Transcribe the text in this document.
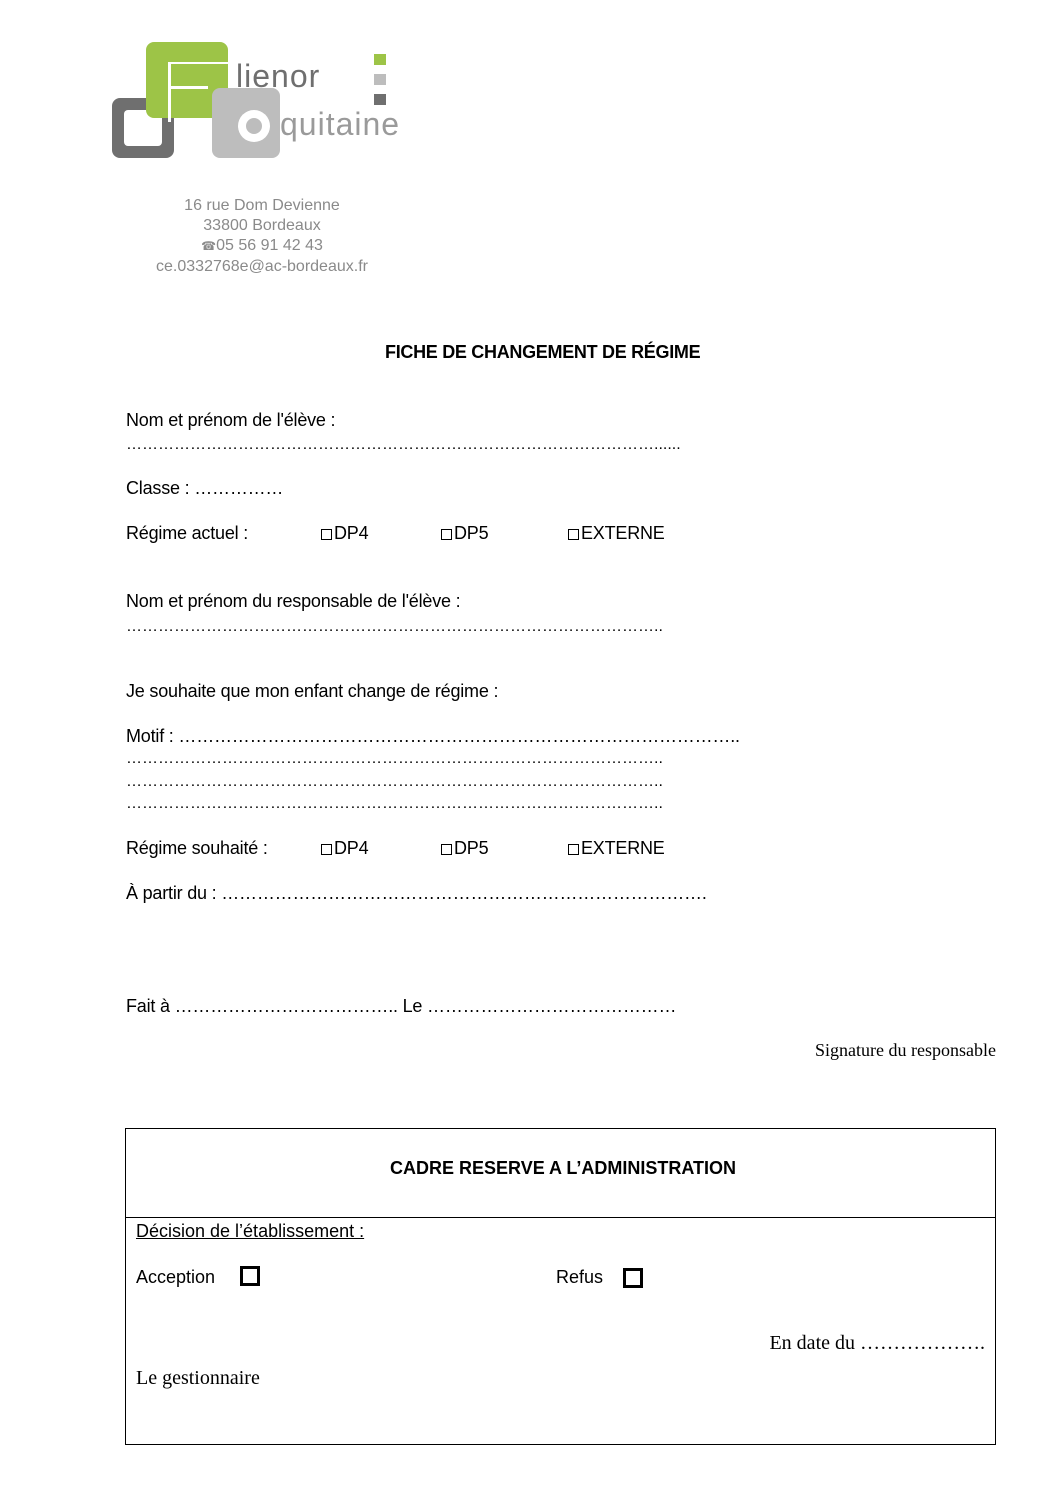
lienor
quitaine
16 rue Dom Devienne
33800 Bordeaux
☎05 56 91 42 43
ce.0332768e@ac-bordeaux.fr
FICHE DE CHANGEMENT DE RÉGIME
Nom et prénom de l'élève :
………………………………………………………………………………………......
Classe : ……………
Régime actuel :	DP4	DP5	EXTERNE
Nom et prénom du responsable de l'élève :
………………………………………………………………………………………..
Je souhaite que mon enfant change de régime :
Motif : …………………………………………………………………………………..
………………………………………………………………………………………..
………………………………………………………………………………………..
………………………………………………………………………………………..
Régime souhaité :	DP4	DP5	EXTERNE
À partir du : ……………………………………………………………………….
Fait à ……………………………….. Le ……………………………………
Signature du responsable
CADRE RESERVE A L’ADMINISTRATION
Décision de l’établissement :
Acception	Refus
En date du ……………….
Le gestionnaire
